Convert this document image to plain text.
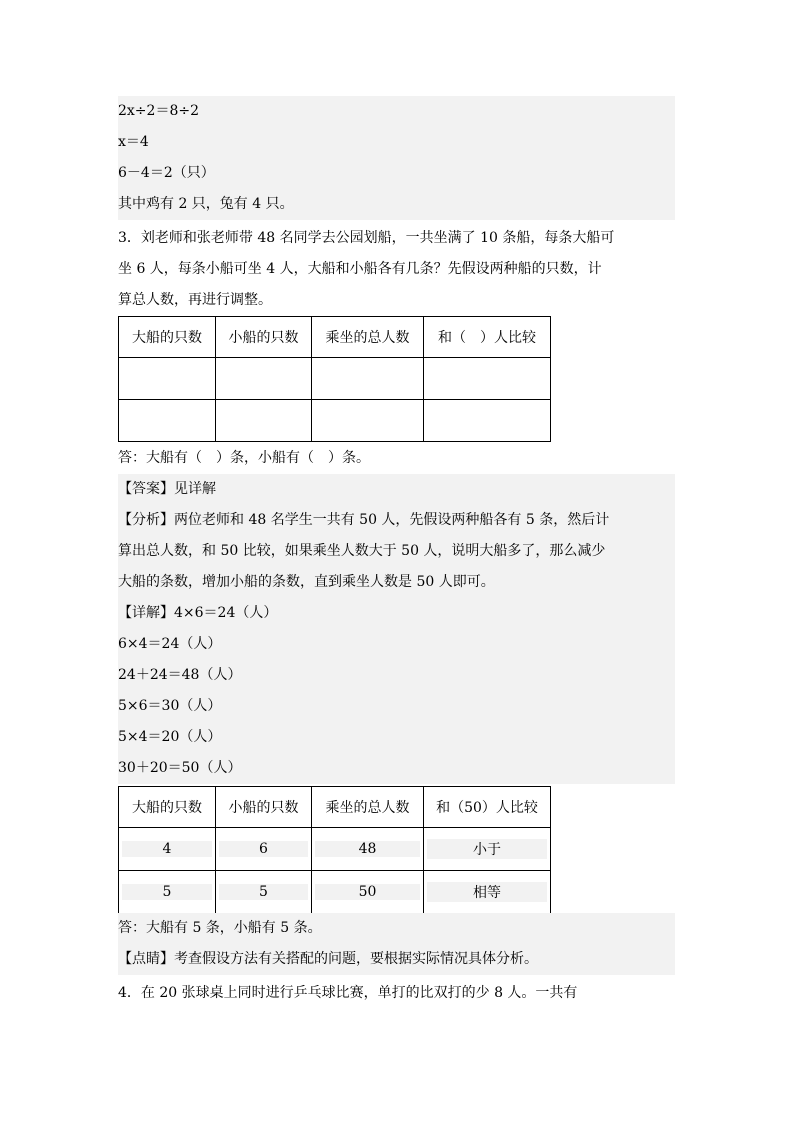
2x÷2＝8÷2
x＝4
6－4＝2（只）
其中鸡有 2 只，兔有 4 只。
3．刘老师和张老师带 48 名同学去公园划船，一共坐满了 10 条船，每条大船可
坐 6 人，每条小船可坐 4 人，大船和小船各有几条？先假设两种船的只数，计
算总人数，再进行调整。
大船的只数	小船的只数	乘坐的总人数	和（　）人比较

答：大船有（　）条，小船有（　）条。
【答案】见详解
【分析】两位老师和 48 名学生一共有 50 人，先假设两种船各有 5 条，然后计
算出总人数，和 50 比较，如果乘坐人数大于 50 人，说明大船多了，那么减少
大船的条数，增加小船的条数，直到乘坐人数是 50 人即可。
【详解】4×6＝24（人）
6×4＝24（人）
24＋24＝48（人）
5×6＝30（人）
5×4＝20（人）
30＋20＝50（人）
大船的只数	小船的只数	乘坐的总人数	和（50）人比较

4	6	48	小于

5	5	50	相等
答：大船有 5 条，小船有 5 条。
【点睛】考查假设方法有关搭配的问题，要根据实际情况具体分析。
4．在 20 张球桌上同时进行乒乓球比赛，单打的比双打的少 8 人。一共有
